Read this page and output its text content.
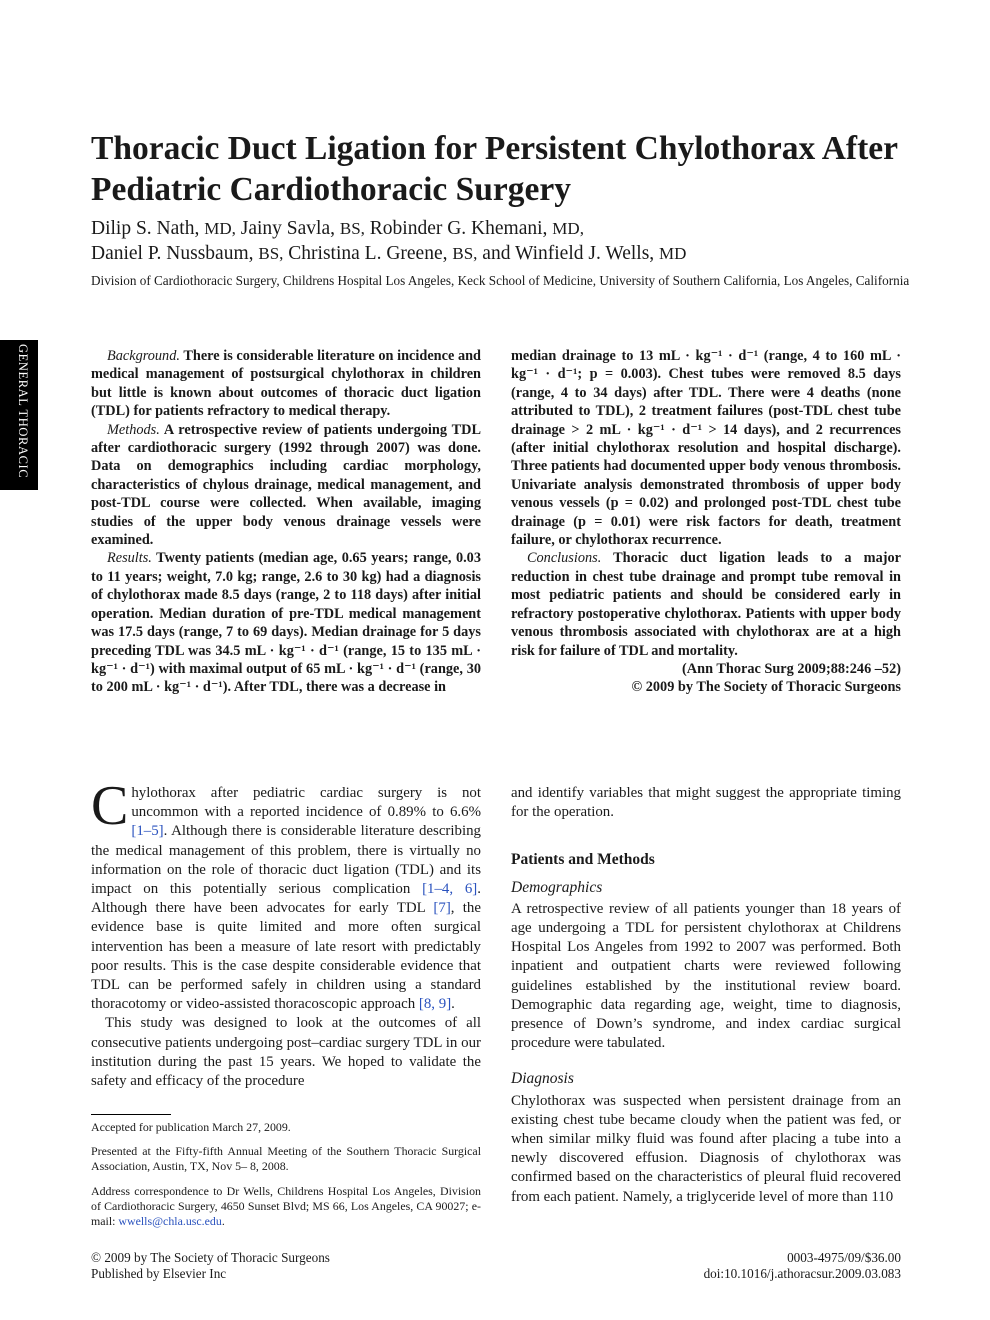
Thoracic Duct Ligation for Persistent Chylothorax After Pediatric Cardiothoracic Surgery
Dilip S. Nath, MD, Jainy Savla, BS, Robinder G. Khemani, MD,
Daniel P. Nussbaum, BS, Christina L. Greene, BS, and Winfield J. Wells, MD
Division of Cardiothoracic Surgery, Childrens Hospital Los Angeles, Keck School of Medicine, University of Southern California, Los Angeles, California
GENERAL THORACIC	Background. There is considerable literature on incidence and medical management of postsurgical chylothorax in children but little is known about outcomes of thoracic duct ligation (TDL) for patients refractory to medical therapy.

Methods. A retrospective review of patients undergoing TDL after cardiothoracic surgery (1992 through 2007) was done. Data on demographics including cardiac morphology, characteristics of chylous drainage, medical management, and post-TDL course were collected. When available, imaging studies of the upper body venous drainage vessels were examined.

Results. Twenty patients (median age, 0.65 years; range, 0.03 to 11 years; weight, 7.0 kg; range, 2.6 to 30 kg) had a diagnosis of chylothorax made 8.5 days (range, 2 to 118 days) after initial operation. Median duration of pre-TDL medical management was 17.5 days (range, 7 to 69 days). Median drainage for 5 days preceding TDL was 34.5 mL · kg⁻¹ · d⁻¹ (range, 15 to 135 mL · kg⁻¹ · d⁻¹) with maximal output of 65 mL · kg⁻¹ · d⁻¹ (range, 30 to 200 mL · kg⁻¹ · d⁻¹). After TDL, there was a decrease in

median drainage to 13 mL · kg⁻¹ · d⁻¹ (range, 4 to 160 mL · kg⁻¹ · d⁻¹; p = 0.003). Chest tubes were removed 8.5 days (range, 4 to 34 days) after TDL. There were 4 deaths (none attributed to TDL), 2 treatment failures (post-TDL chest tube drainage > 2 mL · kg⁻¹ · d⁻¹ > 14 days), and 2 recurrences (after initial chylothorax resolution and hospital discharge). Three patients had documented upper body venous thrombosis. Univariate analysis demonstrated thrombosis of upper body venous vessels (p = 0.02) and prolonged post-TDL chest tube drainage (p = 0.01) were risk factors for death, treatment failure, or chylothorax recurrence.

Conclusions. Thoracic duct ligation leads to a major reduction in chest tube drainage and prompt tube removal in most pediatric patients and should be considered early in refractory postoperative chylothorax. Patients with upper body venous thrombosis associated with chylothorax are at a high risk for failure of TDL and mortality.

(Ann Thorac Surg 2009;88:246 –52)
© 2009 by The Society of Thoracic Surgeons

Chylothorax after pediatric cardiac surgery is not uncommon with a reported incidence of 0.89% to 6.6% [1–5]. Although there is considerable literature describing the medical management of this problem, there is virtually no information on the role of thoracic duct ligation (TDL) and its impact on this potentially serious complication [1–4, 6]. Although there have been advocates for early TDL [7], the evidence base is quite limited and more often surgical intervention has been a measure of late resort with predictably poor results. This is the case despite considerable evidence that TDL can be performed safely in children using a standard thoracotomy or video-assisted thoracoscopic approach [8, 9].

This study was designed to look at the outcomes of all consecutive patients undergoing post–cardiac surgery TDL in our institution during the past 15 years. We hoped to validate the safety and efficacy of the procedure

and identify variables that might suggest the appropriate timing for the operation.

Patients and Methods
Demographics

A retrospective review of all patients younger than 18 years of age undergoing a TDL for persistent chylothorax at Childrens Hospital Los Angeles from 1992 to 2007 was performed. Both inpatient and outpatient charts were reviewed following guidelines established by the institutional review board. Demographic data regarding age, weight, time to diagnosis, presence of Down’s syndrome, and index cardiac surgical procedure were tabulated.

Diagnosis

Chylothorax was suspected when persistent drainage from an existing chest tube became cloudy when the patient was fed, or when similar milky fluid was found after placing a tube into a newly discovered effusion. Diagnosis of chylothorax was confirmed based on the characteristics of pleural fluid recovered from each patient. Namely, a triglyceride level of more than 110

Accepted for publication March 27, 2009.

Presented at the Fifty-fifth Annual Meeting of the Southern Thoracic Surgical Association, Austin, TX, Nov 5– 8, 2008.

Address correspondence to Dr Wells, Childrens Hospital Los Angeles, Division of Cardiothoracic Surgery, 4650 Sunset Blvd; MS 66, Los Angeles, CA 90027; e-mail: wwells@chla.usc.edu.

© 2009 by The Society of Thoracic Surgeons
Published by Elsevier Inc
0003-4975/09/$36.00
doi:10.1016/j.athoracsur.2009.03.083
